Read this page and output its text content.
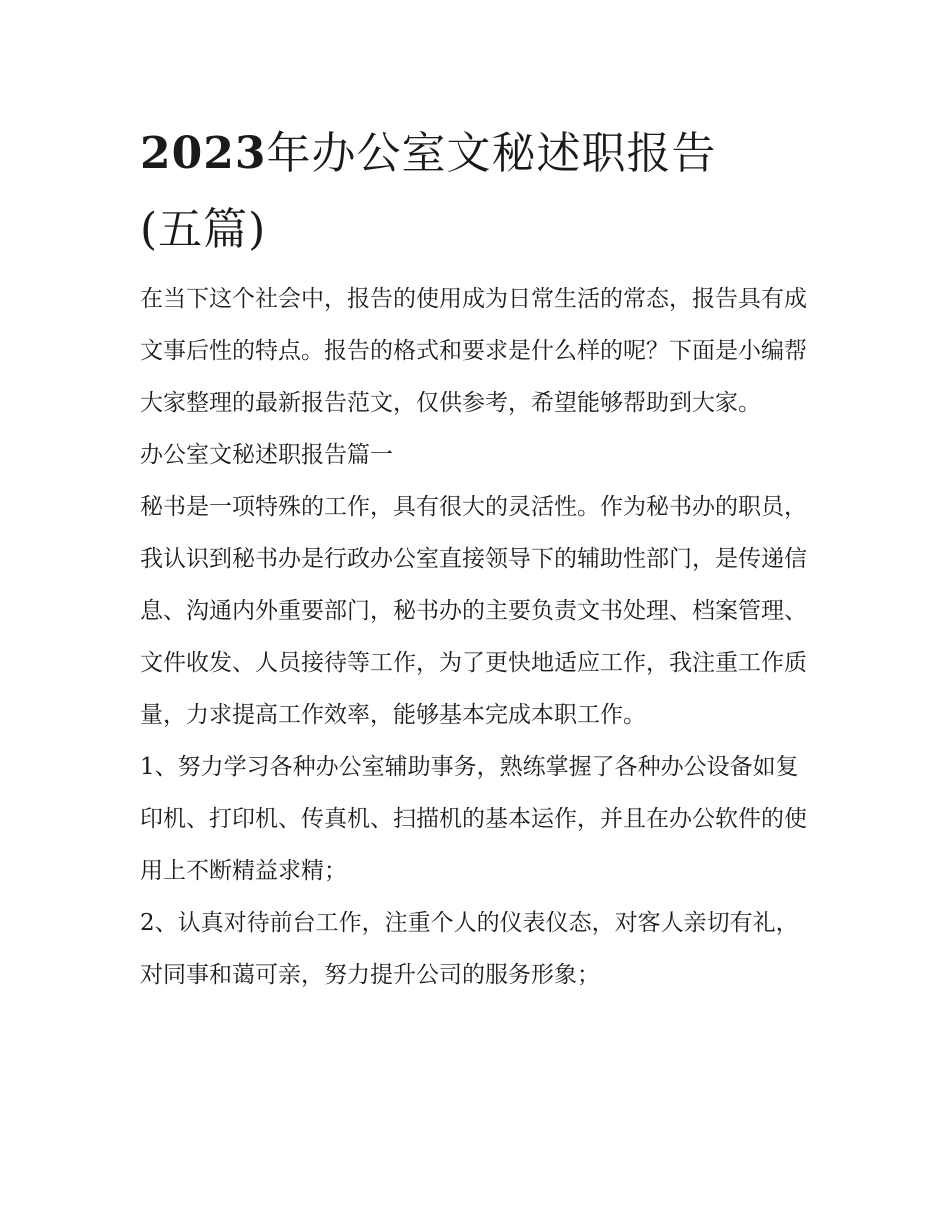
2023年办公室文秘述职报告
(五篇)

在当下这个社会中，报告的使用成为日常生活的常态，报告具有成文事后性的特点。报告的格式和要求是什么样的呢？下面是小编帮大家整理的最新报告范文，仅供参考，希望能够帮助到大家。

办公室文秘述职报告篇一

秘书是一项特殊的工作，具有很大的灵活性。作为秘书办的职员，我认识到秘书办是行政办公室直接领导下的辅助性部门，是传递信息、沟通内外重要部门，秘书办的主要负责文书处理、档案管理、文件收发、人员接待等工作，为了更快地适应工作，我注重工作质量，力求提高工作效率，能够基本完成本职工作。

1、努力学习各种办公室辅助事务，熟练掌握了各种办公设备如复印机、打印机、传真机、扫描机的基本运作，并且在办公软件的使用上不断精益求精；

2、认真对待前台工作，注重个人的仪表仪态，对客人亲切有礼，对同事和蔼可亲，努力提升公司的服务形象；
